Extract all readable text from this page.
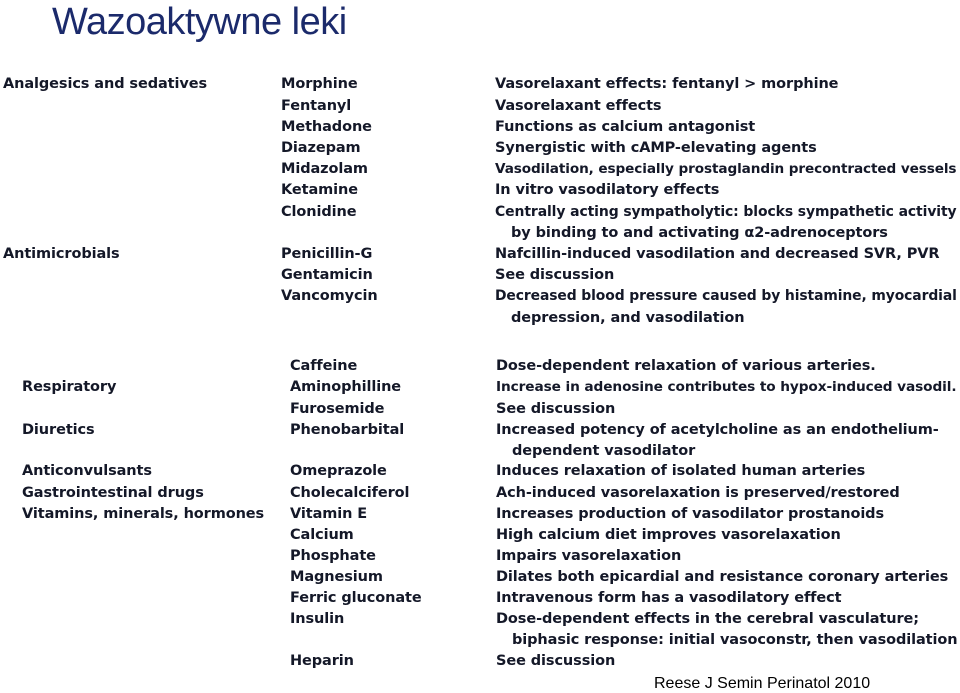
Wazoaktywne leki
Analgesics and sedatives
Antimicrobials
Morphine
Fentanyl
Methadone
Diazepam
Midazolam
Ketamine
Clonidine
Penicillin-G
Gentamicin
Vancomycin
Vasorelaxant effects: fentanyl > morphine
Vasorelaxant effects
Functions as calcium antagonist
Synergistic with cAMP-elevating agents
Vasodilation, especially prostaglandin precontracted vessels
In vitro vasodilatory effects
Centrally acting sympatholytic: blocks sympathetic activity
by binding to and activating α2-adrenoceptors
Nafcillin-induced vasodilation and decreased SVR, PVR
See discussion
Decreased blood pressure caused by histamine, myocardial
depression, and vasodilation
Respiratory
Diuretics
Anticonvulsants
Gastrointestinal drugs
Vitamins, minerals, hormones
Caffeine
Aminophilline
Furosemide
Phenobarbital
Omeprazole
Cholecalciferol
Vitamin E
Calcium
Phosphate
Magnesium
Ferric gluconate
Insulin
Heparin
Dose-dependent relaxation of various arteries.
Increase in adenosine contributes to hypox-induced vasodil.
See discussion
Increased potency of acetylcholine as an endothelium-
dependent vasodilator
Induces relaxation of isolated human arteries
Ach-induced vasorelaxation is preserved/restored
Increases production of vasodilator prostanoids
High calcium diet improves vasorelaxation
Impairs vasorelaxation
Dilates both epicardial and resistance coronary arteries
Intravenous form has a vasodilatory effect
Dose-dependent effects in the cerebral vasculature;
biphasic response: initial vasoconstr, then vasodilation
See discussion
Reese J Semin Perinatol 2010
